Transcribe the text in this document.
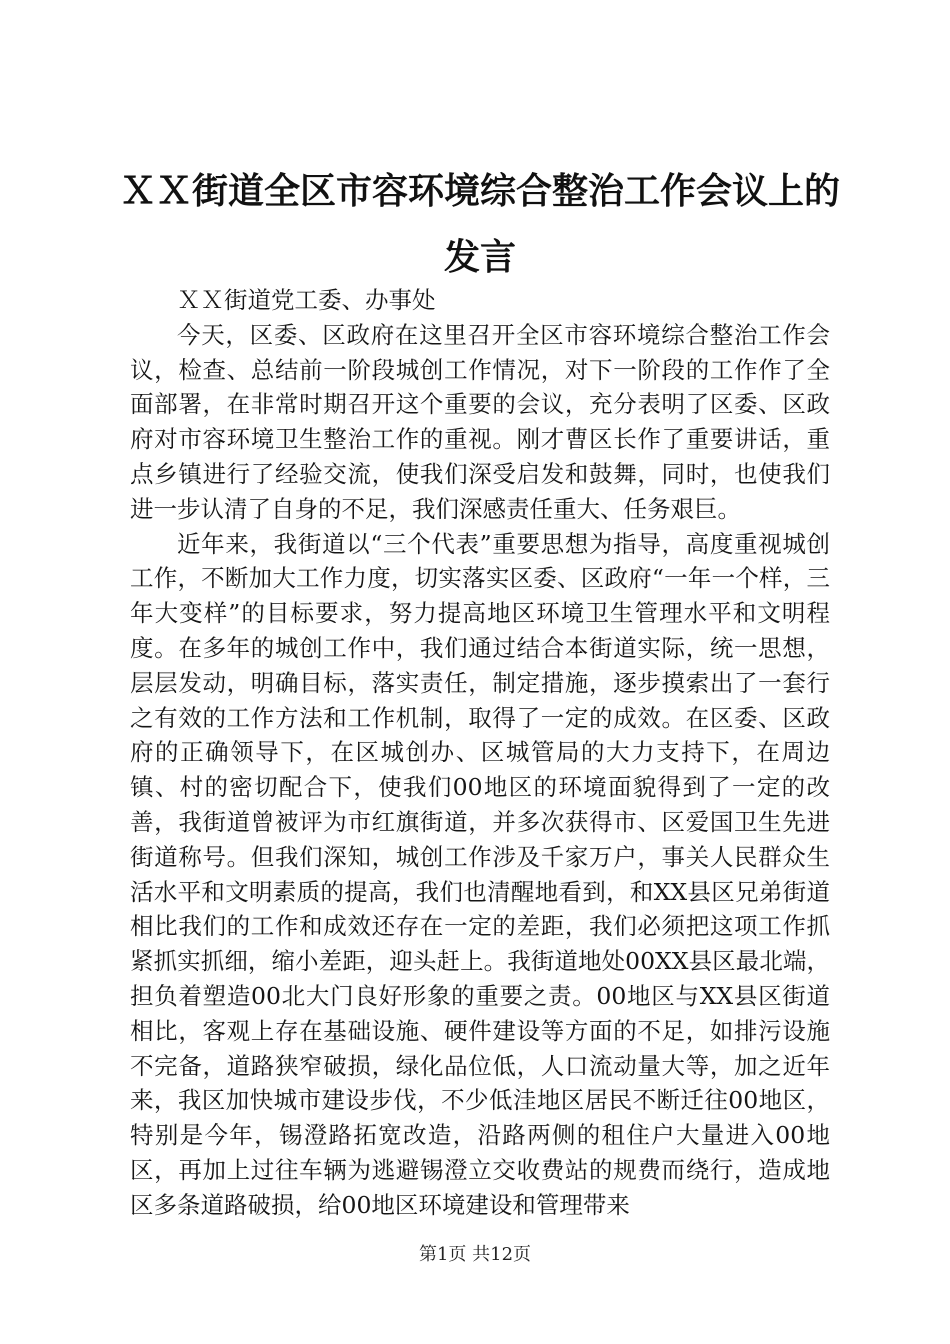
ＸＸ街道全区市容环境综合整治工作会议上的发言

ＸＸ街道党工委、办事处

今天，区委、区政府在这里召开全区市容环境综合整治工作会议，检查、总结前一阶段城创工作情况，对下一阶段的工作作了全面部署，在非常时期召开这个重要的会议，充分表明了区委、区政府对市容环境卫生整治工作的重视。刚才曹区长作了重要讲话，重点乡镇进行了经验交流，使我们深受启发和鼓舞，同时，也使我们进一步认清了自身的不足，我们深感责任重大、任务艰巨。

近年来，我街道以“三个代表”重要思想为指导，高度重视城创工作，不断加大工作力度，切实落实区委、区政府“一年一个样，三年大变样”的目标要求，努力提高地区环境卫生管理水平和文明程度。在多年的城创工作中，我们通过结合本街道实际，统一思想，层层发动，明确目标，落实责任，制定措施，逐步摸索出了一套行之有效的工作方法和工作机制，取得了一定的成效。在区委、区政府的正确领导下，在区城创办、区城管局的大力支持下，在周边镇、村的密切配合下，使我们00地区的环境面貌得到了一定的改善，我街道曾被评为市红旗街道，并多次获得市、区爱国卫生先进街道称号。但我们深知，城创工作涉及千家万户，事关人民群众生活水平和文明素质的提高，我们也清醒地看到，和XX县区兄弟街道相比我们的工作和成效还存在一定的差距，我们必须把这项工作抓紧抓实抓细，缩小差距，迎头赶上。我街道地处00XX县区最北端，担负着塑造00北大门良好形象的重要之责。00地区与XX县区街道相比，客观上存在基础设施、硬件建设等方面的不足，如排污设施不完备，道路狭窄破损，绿化品位低，人口流动量大等，加之近年来，我区加快城市建设步伐，不少低洼地区居民不断迁往00地区，特别是今年，锡澄路拓宽改造，沿路两侧的租住户大量进入00地区，再加上过往车辆为逃避锡澄立交收费站的规费而绕行，造成地区多条道路破损，给00地区环境建设和管理带来

第1页 共12页
